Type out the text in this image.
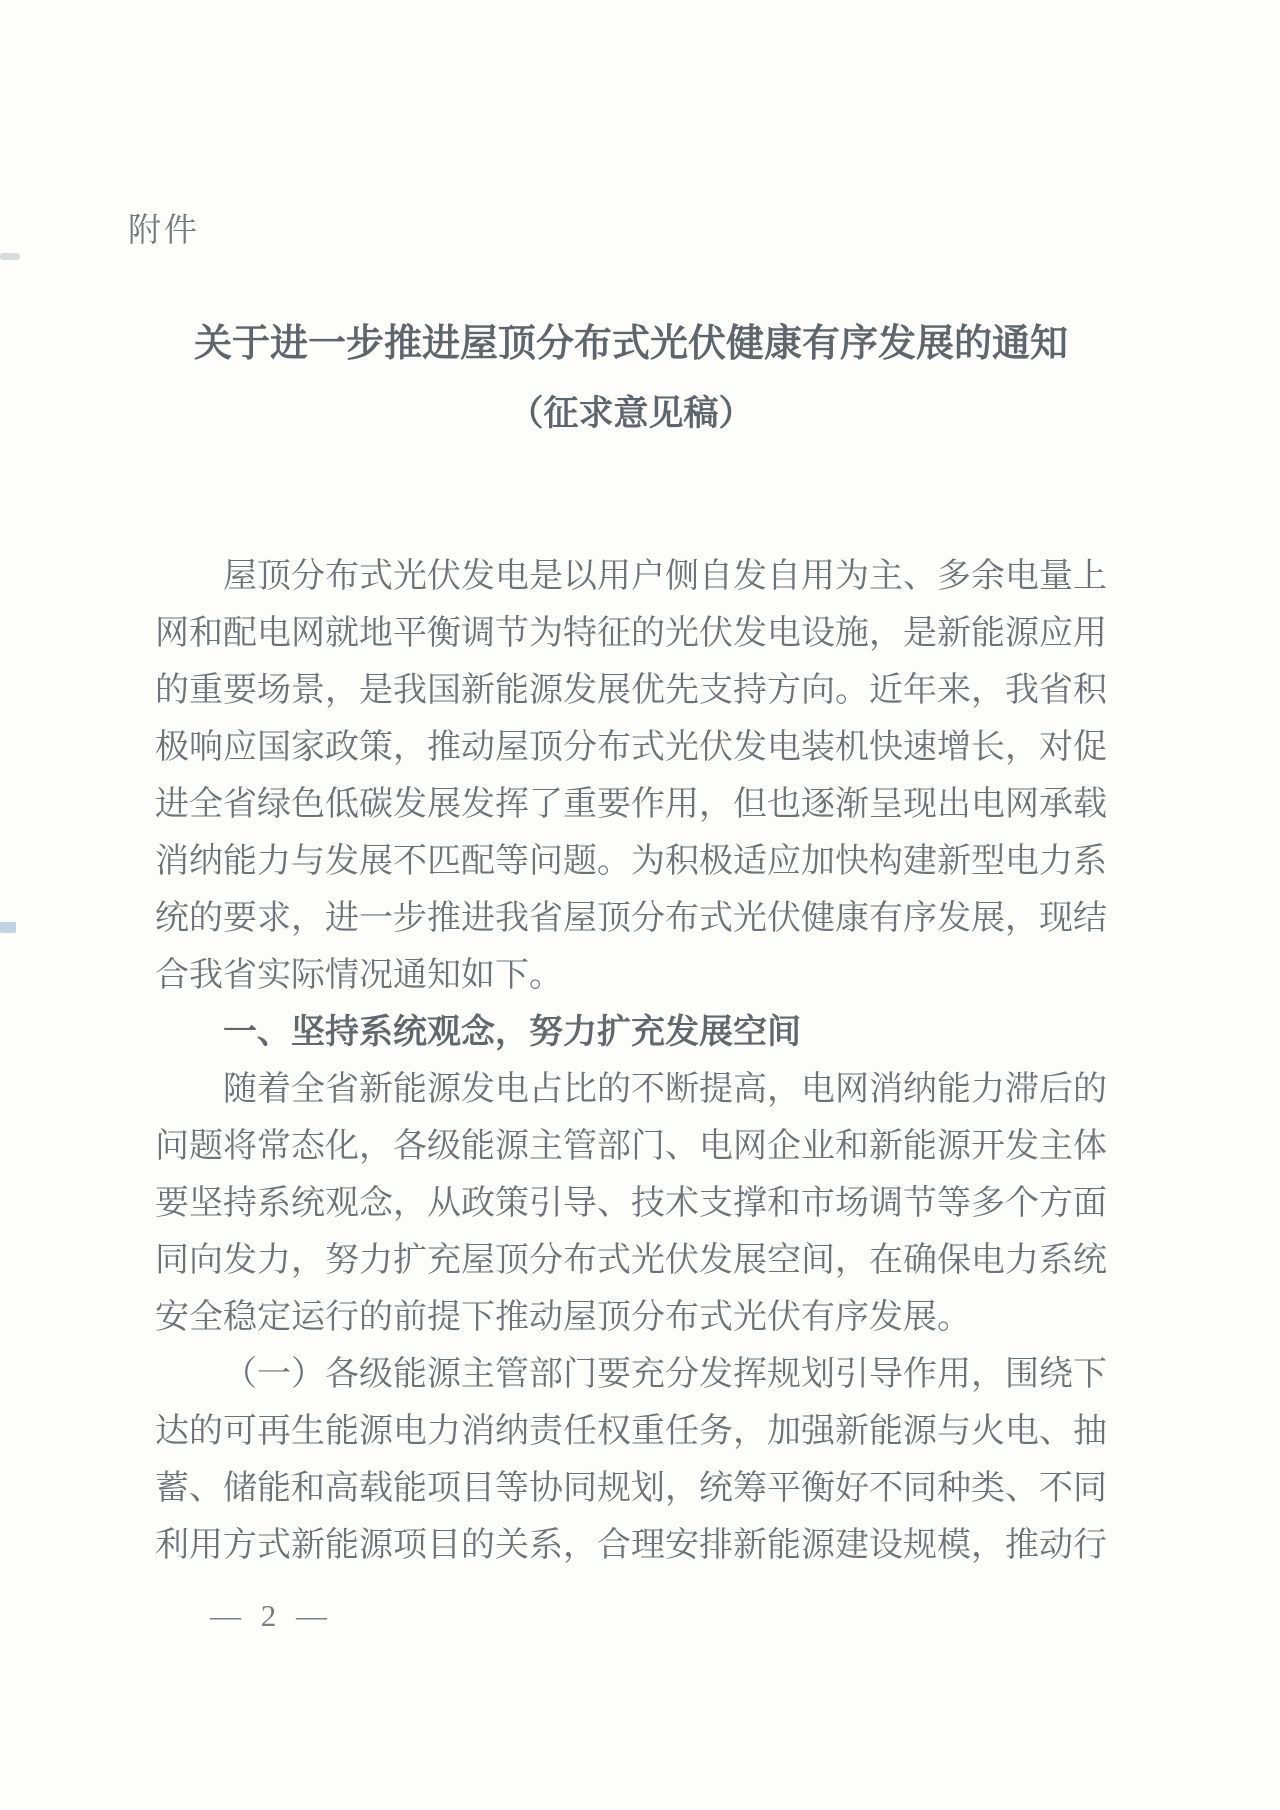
附件
关于进一步推进屋顶分布式光伏健康有序发展的通知
（征求意见稿）

屋顶分布式光伏发电是以用户侧自发自用为主、多余电量上网和配电网就地平衡调节为特征的光伏发电设施，是新能源应用的重要场景，是我国新能源发展优先支持方向。近年来，我省积极响应国家政策，推动屋顶分布式光伏发电装机快速增长，对促进全省绿色低碳发展发挥了重要作用，但也逐渐呈现出电网承载消纳能力与发展不匹配等问题。为积极适应加快构建新型电力系统的要求，进一步推进我省屋顶分布式光伏健康有序发展，现结合我省实际情况通知如下。

一、坚持系统观念，努力扩充发展空间

随着全省新能源发电占比的不断提高，电网消纳能力滞后的问题将常态化，各级能源主管部门、电网企业和新能源开发主体要坚持系统观念，从政策引导、技术支撑和市场调节等多个方面同向发力，努力扩充屋顶分布式光伏发展空间，在确保电力系统安全稳定运行的前提下推动屋顶分布式光伏有序发展。

（一）各级能源主管部门要充分发挥规划引导作用，围绕下达的可再生能源电力消纳责任权重任务，加强新能源与火电、抽蓄、储能和高载能项目等协同规划，统筹平衡好不同种类、不同利用方式新能源项目的关系，合理安排新能源建设规模，推动行

— 2 —
